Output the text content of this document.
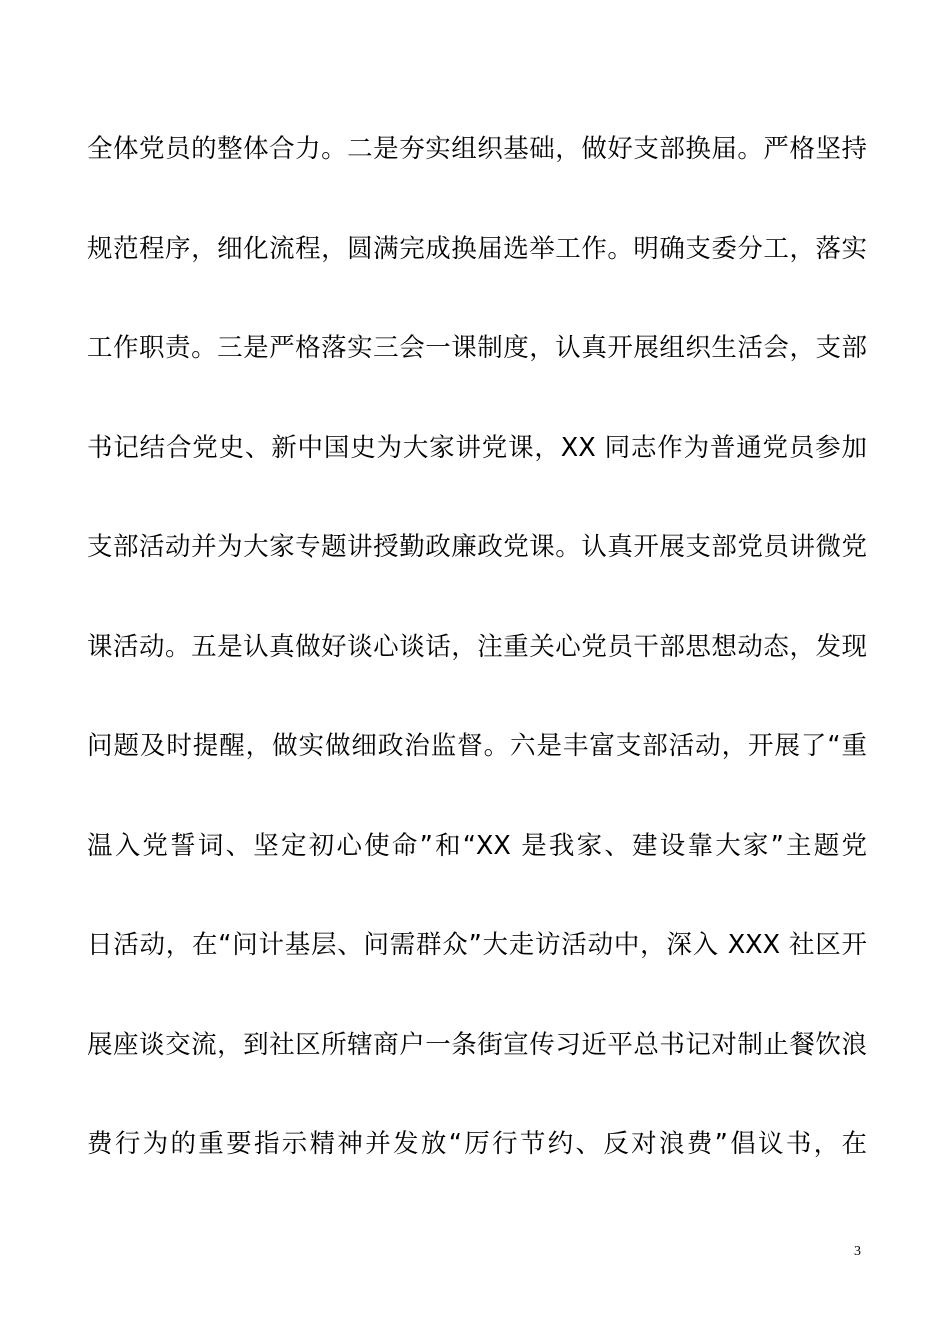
全体党员的整体合力。二是夯实组织基础，做好支部换届。严格坚持
规范程序，细化流程，圆满完成换届选举工作。明确支委分工，落实
工作职责。三是严格落实三会一课制度，认真开展组织生活会，支部
书记结合党史、新中国史为大家讲党课，XX 同志作为普通党员参加
支部活动并为大家专题讲授勤政廉政党课。认真开展支部党员讲微党
课活动。五是认真做好谈心谈话，注重关心党员干部思想动态，发现
问题及时提醒，做实做细政治监督。六是丰富支部活动，开展了“重
温入党誓词、坚定初心使命”和“XX 是我家、建设靠大家”主题党
日活动，在“问计基层、问需群众”大走访活动中，深入 XXX 社区开
展座谈交流，到社区所辖商户一条街宣传习近平总书记对制止餐饮浪
费行为的重要指示精神并发放“厉行节约、反对浪费”倡议书，在
3
